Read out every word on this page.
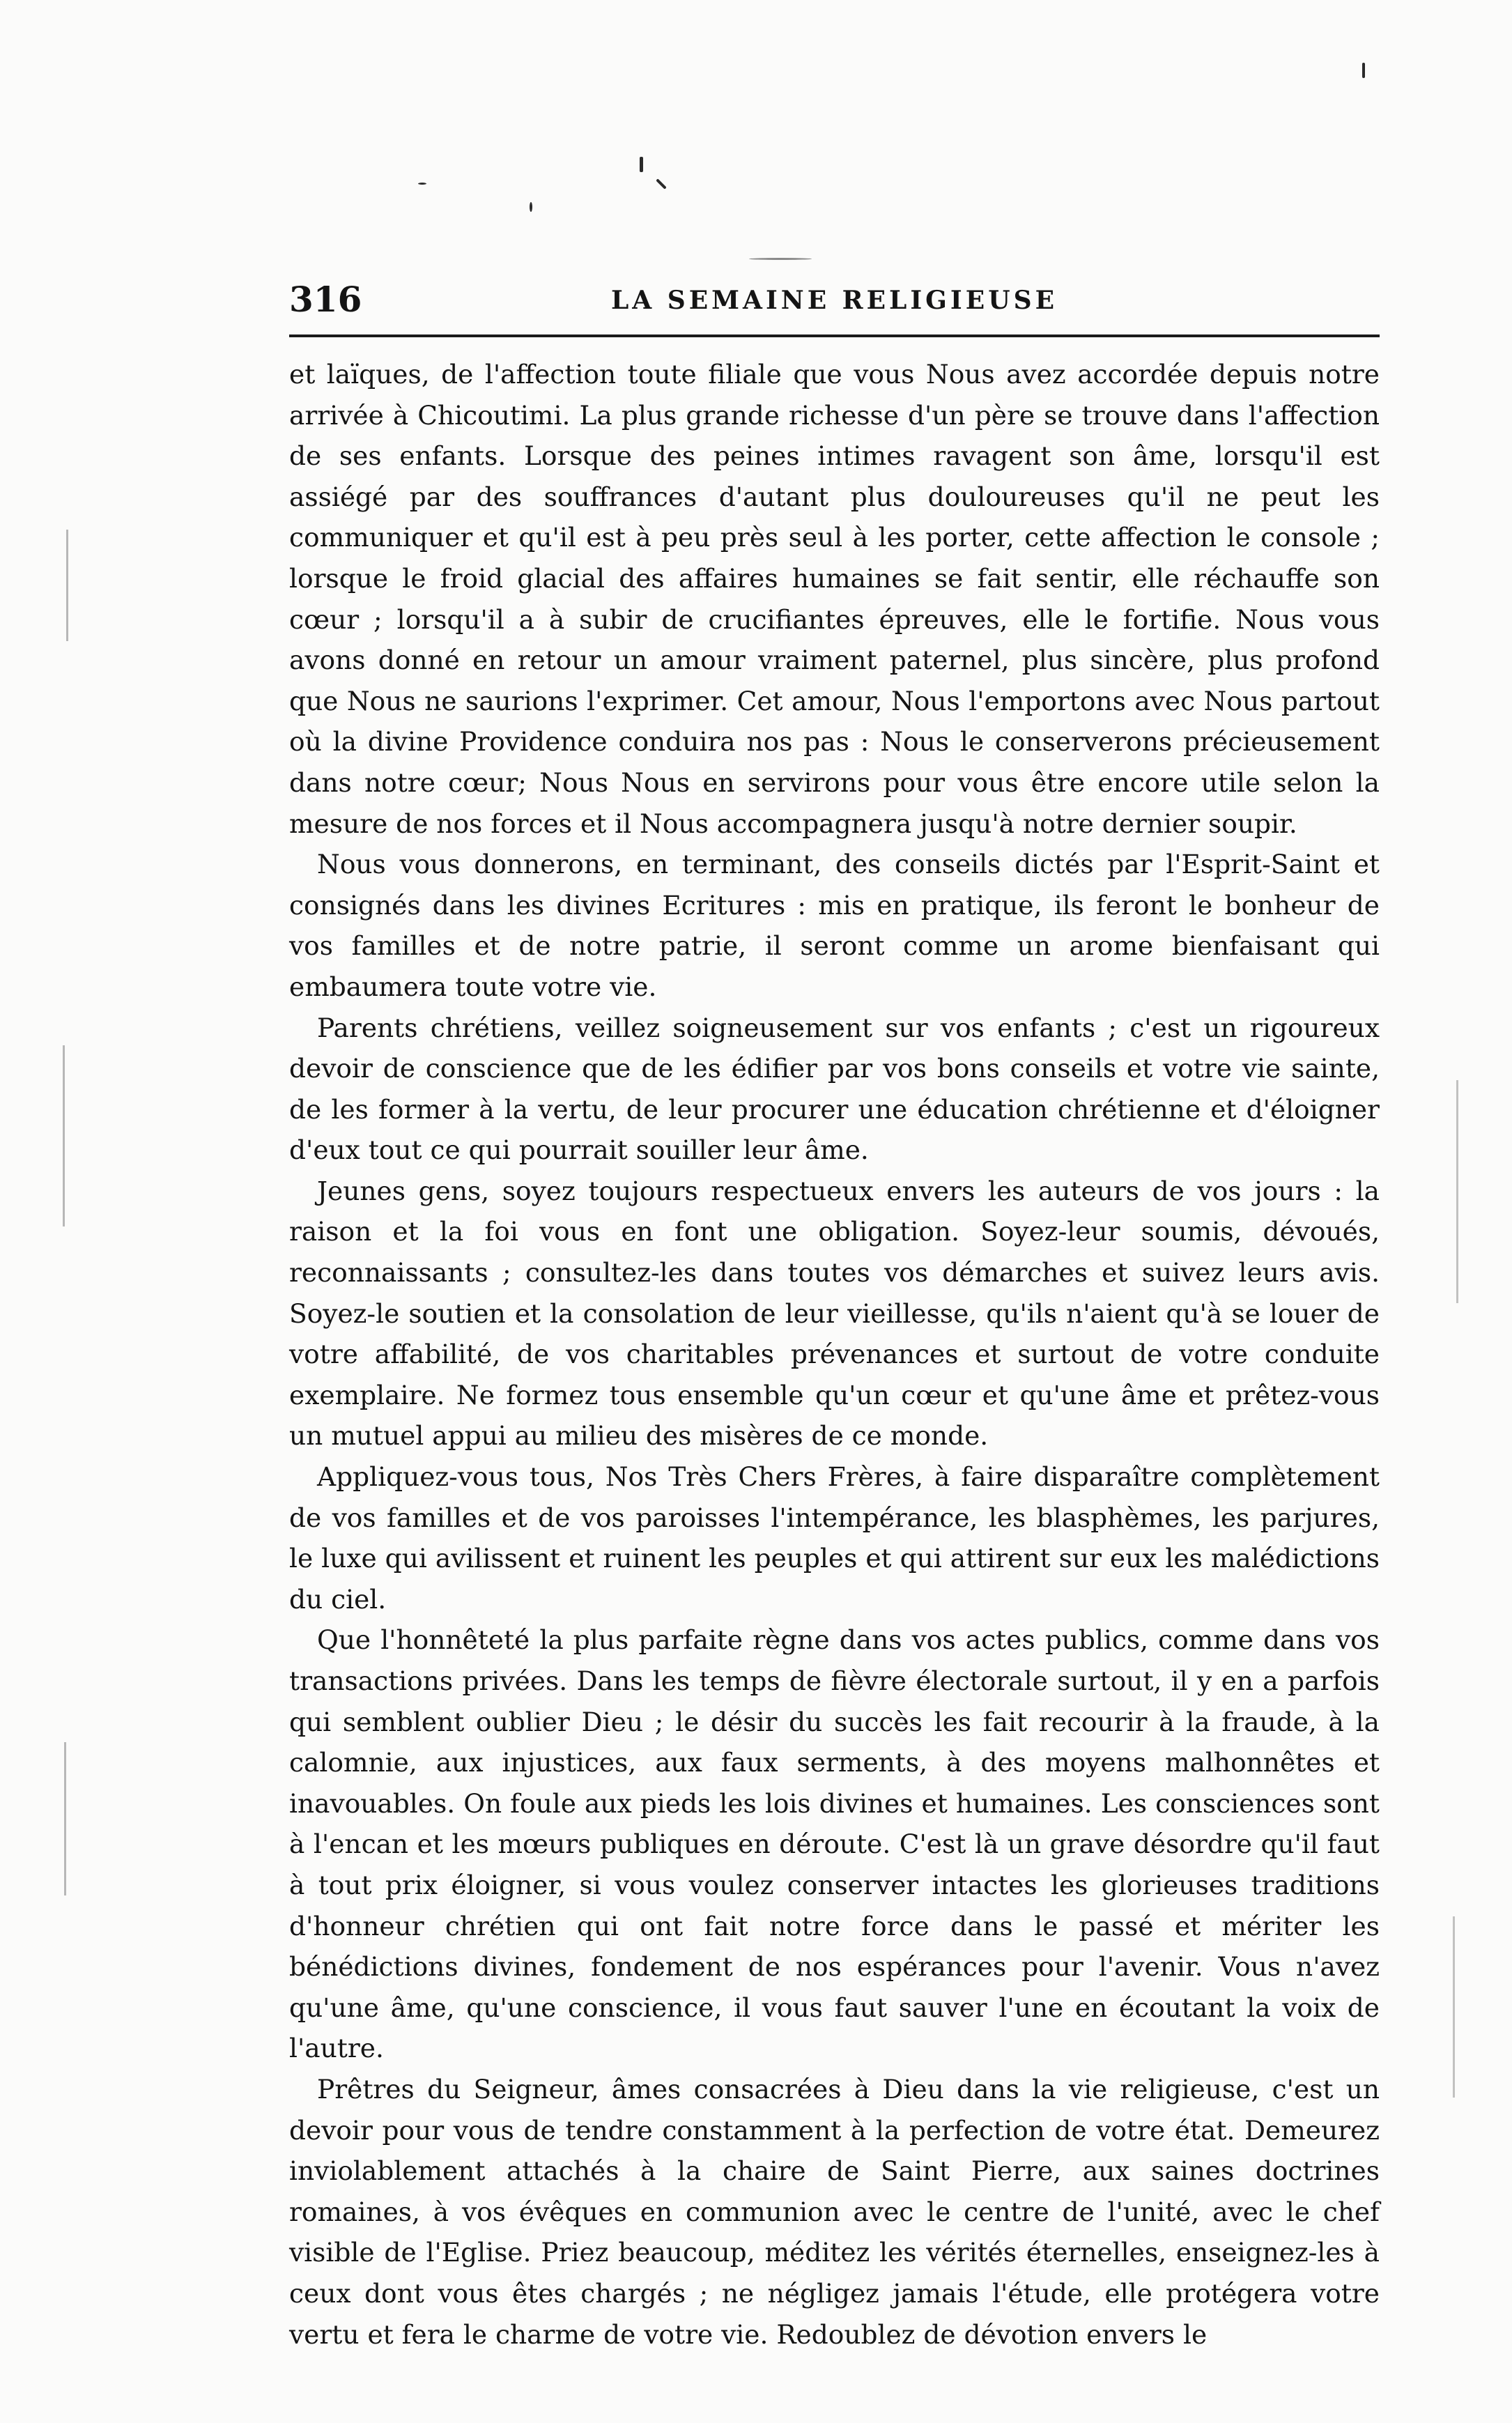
316	LA SEMAINE RELIGIEUSE

et laïques, de l'affection toute filiale que vous Nous avez accordée depuis notre arrivée à Chicoutimi. La plus grande richesse d'un père se trouve dans l'affection de ses enfants. Lorsque des peines intimes ravagent son âme, lorsqu'il est assiégé par des souffrances d'autant plus douloureuses qu'il ne peut les communiquer et qu'il est à peu près seul à les porter, cette affection le console ; lorsque le froid glacial des affaires humaines se fait sentir, elle réchauffe son cœur ; lorsqu'il a à subir de crucifiantes épreuves, elle le fortifie. Nous vous avons donné en retour un amour vraiment paternel, plus sincère, plus profond que Nous ne saurions l'exprimer. Cet amour, Nous l'emportons avec Nous partout où la divine Providence conduira nos pas : Nous le conserverons précieusement dans notre cœur; Nous Nous en servirons pour vous être encore utile selon la mesure de nos forces et il Nous accompagnera jusqu'à notre dernier soupir.

Nous vous donnerons, en terminant, des conseils dictés par l'Esprit-Saint et consignés dans les divines Ecritures : mis en pratique, ils feront le bonheur de vos familles et de notre patrie, il seront comme un arome bienfaisant qui embaumera toute votre vie.

Parents chrétiens, veillez soigneusement sur vos enfants ; c'est un rigoureux devoir de conscience que de les édifier par vos bons conseils et votre vie sainte, de les former à la vertu, de leur procurer une éducation chrétienne et d'éloigner d'eux tout ce qui pourrait souiller leur âme.

Jeunes gens, soyez toujours respectueux envers les auteurs de vos jours : la raison et la foi vous en font une obligation. Soyez-leur soumis, dévoués, reconnaissants ; consultez-les dans toutes vos démarches et suivez leurs avis. Soyez-le soutien et la consolation de leur vieillesse, qu'ils n'aient qu'à se louer de votre affabilité, de vos charitables prévenances et surtout de votre conduite exemplaire. Ne formez tous ensemble qu'un cœur et qu'une âme et prêtez-vous un mutuel appui au milieu des misères de ce monde.

Appliquez-vous tous, Nos Très Chers Frères, à faire disparaître complètement de vos familles et de vos paroisses l'intempérance, les blasphèmes, les parjures, le luxe qui avilissent et ruinent les peuples et qui attirent sur eux les malédictions du ciel.

Que l'honnêteté la plus parfaite règne dans vos actes publics, comme dans vos transactions privées. Dans les temps de fièvre électorale surtout, il y en a parfois qui semblent oublier Dieu ; le désir du succès les fait recourir à la fraude, à la calomnie, aux injustices, aux faux serments, à des moyens malhonnêtes et inavouables. On foule aux pieds les lois divines et humaines. Les consciences sont à l'encan et les mœurs publiques en déroute. C'est là un grave désordre qu'il faut à tout prix éloigner, si vous voulez conserver intactes les glorieuses traditions d'honneur chrétien qui ont fait notre force dans le passé et mériter les bénédictions divines, fondement de nos espérances pour l'avenir. Vous n'avez qu'une âme, qu'une conscience, il vous faut sauver l'une en écoutant la voix de l'autre.

Prêtres du Seigneur, âmes consacrées à Dieu dans la vie religieuse, c'est un devoir pour vous de tendre constamment à la perfection de votre état. Demeurez inviolablement attachés à la chaire de Saint Pierre, aux saines doctrines romaines, à vos évêques en communion avec le centre de l'unité, avec le chef visible de l'Eglise. Priez beaucoup, méditez les vérités éternelles, enseignez-les à ceux dont vous êtes chargés ; ne négligez jamais l'étude, elle protégera votre vertu et fera le charme de votre vie. Redoublez de dévotion envers le
